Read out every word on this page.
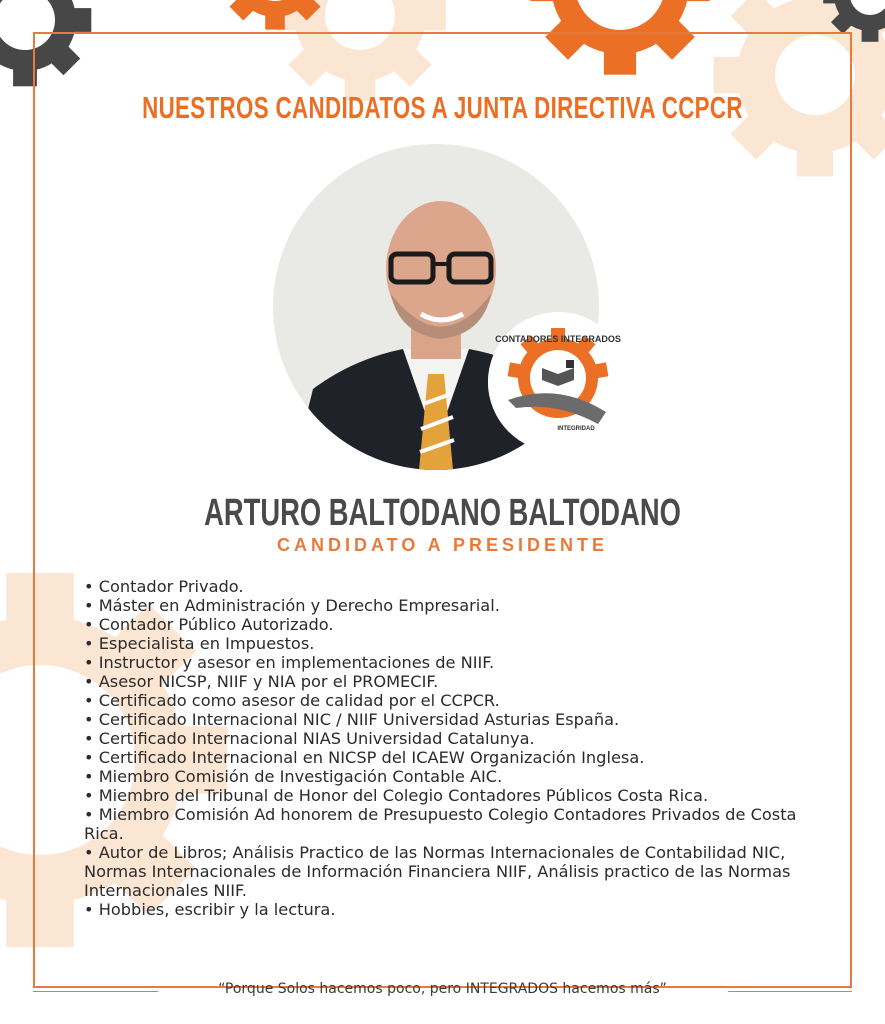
NUESTROS CANDIDATOS A JUNTA DIRECTIVA CCPCR
CONTADORES INTEGRADOS
INTEGRIDAD
ARTURO BALTODANO BALTODANO
CANDIDATO A PRESIDENTE
• Contador Privado.
• Máster en Administración y Derecho Empresarial.
• Contador Público Autorizado.
• Especialista en Impuestos.
• Instructor y asesor en implementaciones de NIIF.
• Asesor NICSP, NIIF y NIA por el PROMECIF.
• Certificado como asesor de calidad por el CCPCR.
• Certificado Internacional NIC / NIIF Universidad Asturias España.
• Certificado Internacional NIAS Universidad Catalunya.
• Certificado Internacional en NICSP del ICAEW Organización Inglesa.
• Miembro Comisión de Investigación Contable AIC.
• Miembro del Tribunal de Honor del Colegio Contadores Públicos Costa Rica.
• Miembro Comisión Ad honorem de Presupuesto Colegio Contadores Privados de Costa Rica.
• Autor de Libros; Análisis Practico de las Normas Internacionales de Contabilidad NIC, Normas Internacionales de Información Financiera NIIF, Análisis practico de las Normas Internacionales NIIF.
• Hobbies, escribir y la lectura.
“Porque Solos hacemos poco, pero INTEGRADOS hacemos más”
